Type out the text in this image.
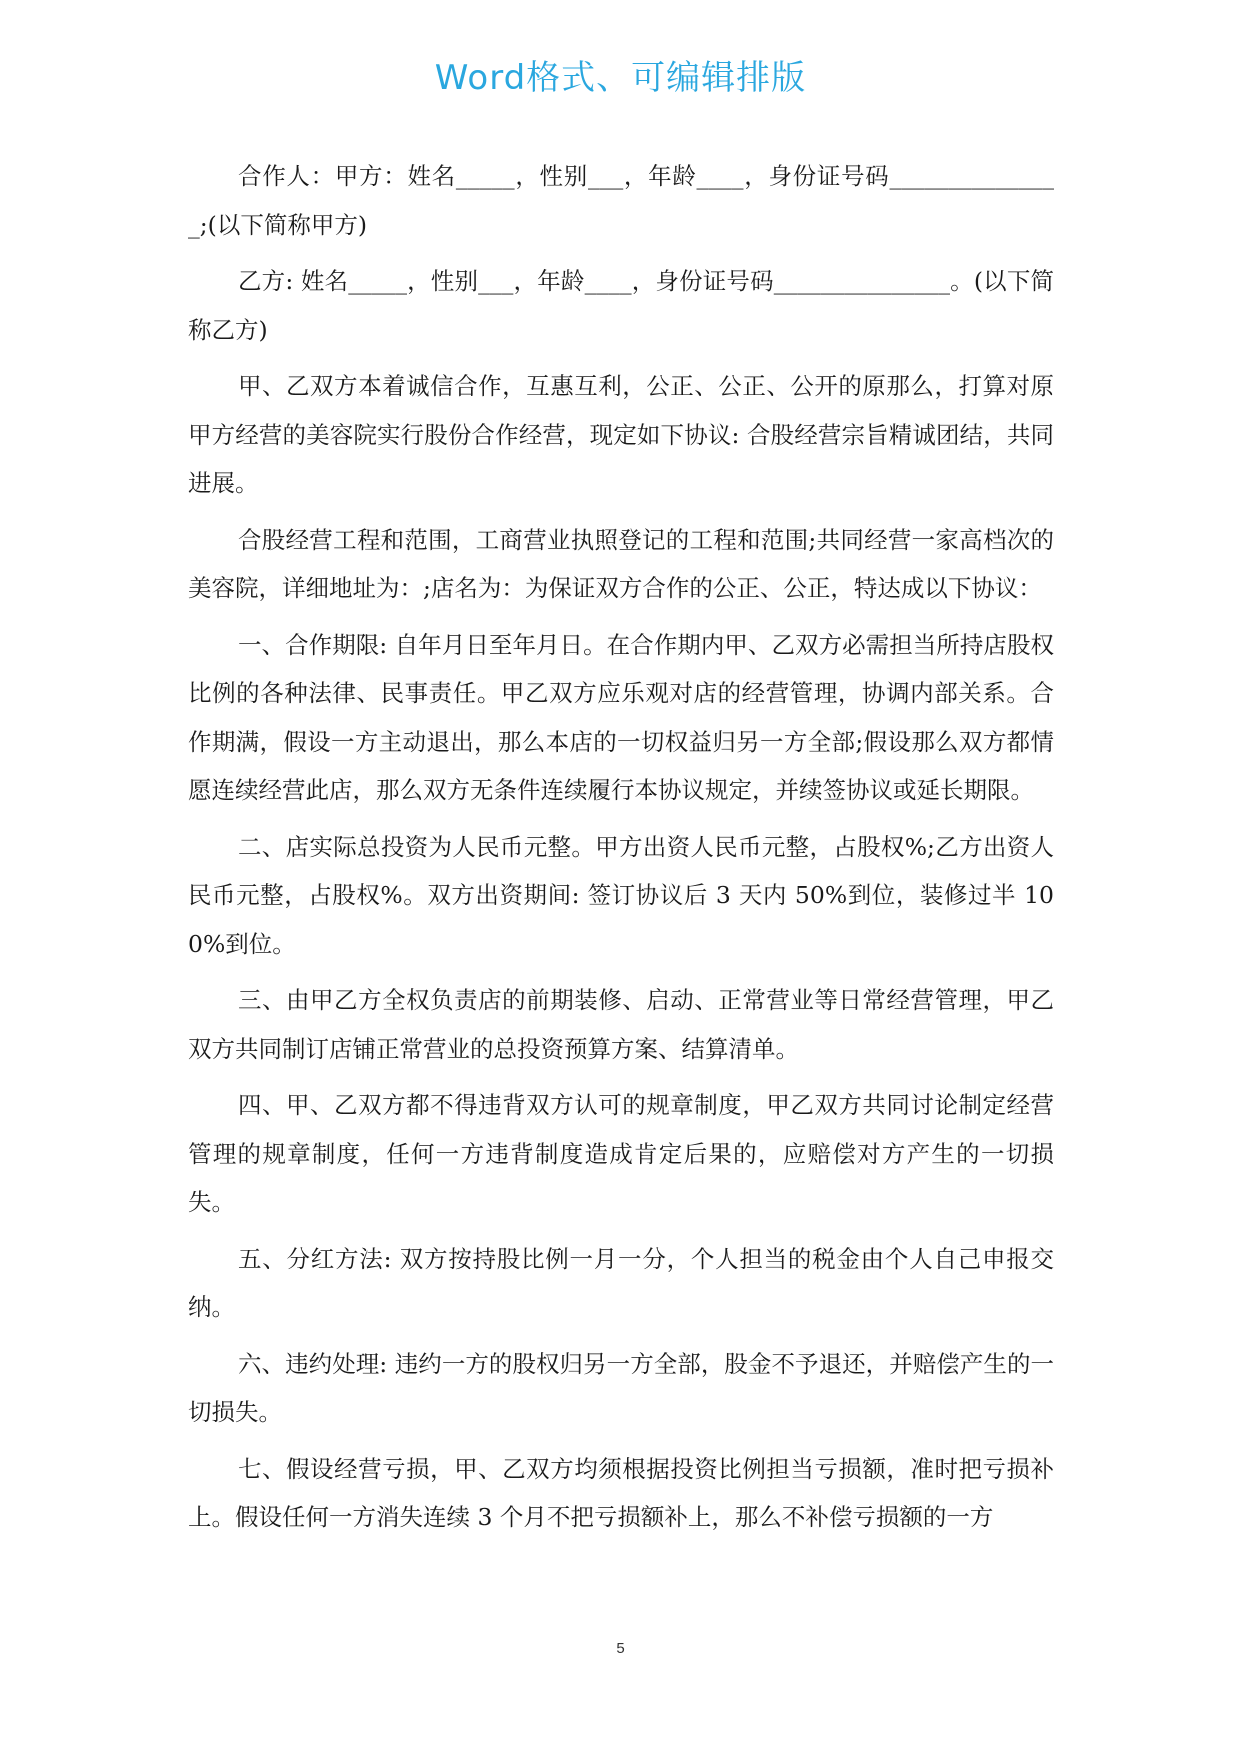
Word格式、可编辑排版

合作人：甲方：姓名_____，性别___，年龄____，身份证号码_______________;(以下简称甲方)

乙方: 姓名_____，性别___，年龄____，身份证号码_______________。(以下简称乙方)

甲、乙双方本着诚信合作，互惠互利，公正、公正、公开的原那么，打算对原甲方经营的美容院实行股份合作经营，现定如下协议: 合股经营宗旨精诚团结，共同进展。

合股经营工程和范围，工商营业执照登记的工程和范围;共同经营一家高档次的美容院，详细地址为：;店名为：为保证双方合作的公正、公正，特达成以下协议：

一、合作期限: 自年月日至年月日。在合作期内甲、乙双方必需担当所持店股权比例的各种法律、民事责任。甲乙双方应乐观对店的经营管理，协调内部关系。合作期满，假设一方主动退出，那么本店的一切权益归另一方全部;假设那么双方都情愿连续经营此店，那么双方无条件连续履行本协议规定，并续签协议或延长期限。

二、店实际总投资为人民币元整。甲方出资人民币元整，占股权%;乙方出资人民币元整，占股权%。双方出资期间: 签订协议后 3 天内 50%到位，装修过半 100%到位。

三、由甲乙方全权负责店的前期装修、启动、正常营业等日常经营管理，甲乙双方共同制订店铺正常营业的总投资预算方案、结算清单。

四、甲、乙双方都不得违背双方认可的规章制度，甲乙双方共同讨论制定经营管理的规章制度，任何一方违背制度造成肯定后果的，应赔偿对方产生的一切损失。

五、分红方法: 双方按持股比例一月一分，个人担当的税金由个人自己申报交纳。

六、违约处理: 违约一方的股权归另一方全部，股金不予退还，并赔偿产生的一切损失。

七、假设经营亏损，甲、乙双方均须根据投资比例担当亏损额，准时把亏损补上。假设任何一方消失连续 3 个月不把亏损额补上，那么不补偿亏损额的一方

5
